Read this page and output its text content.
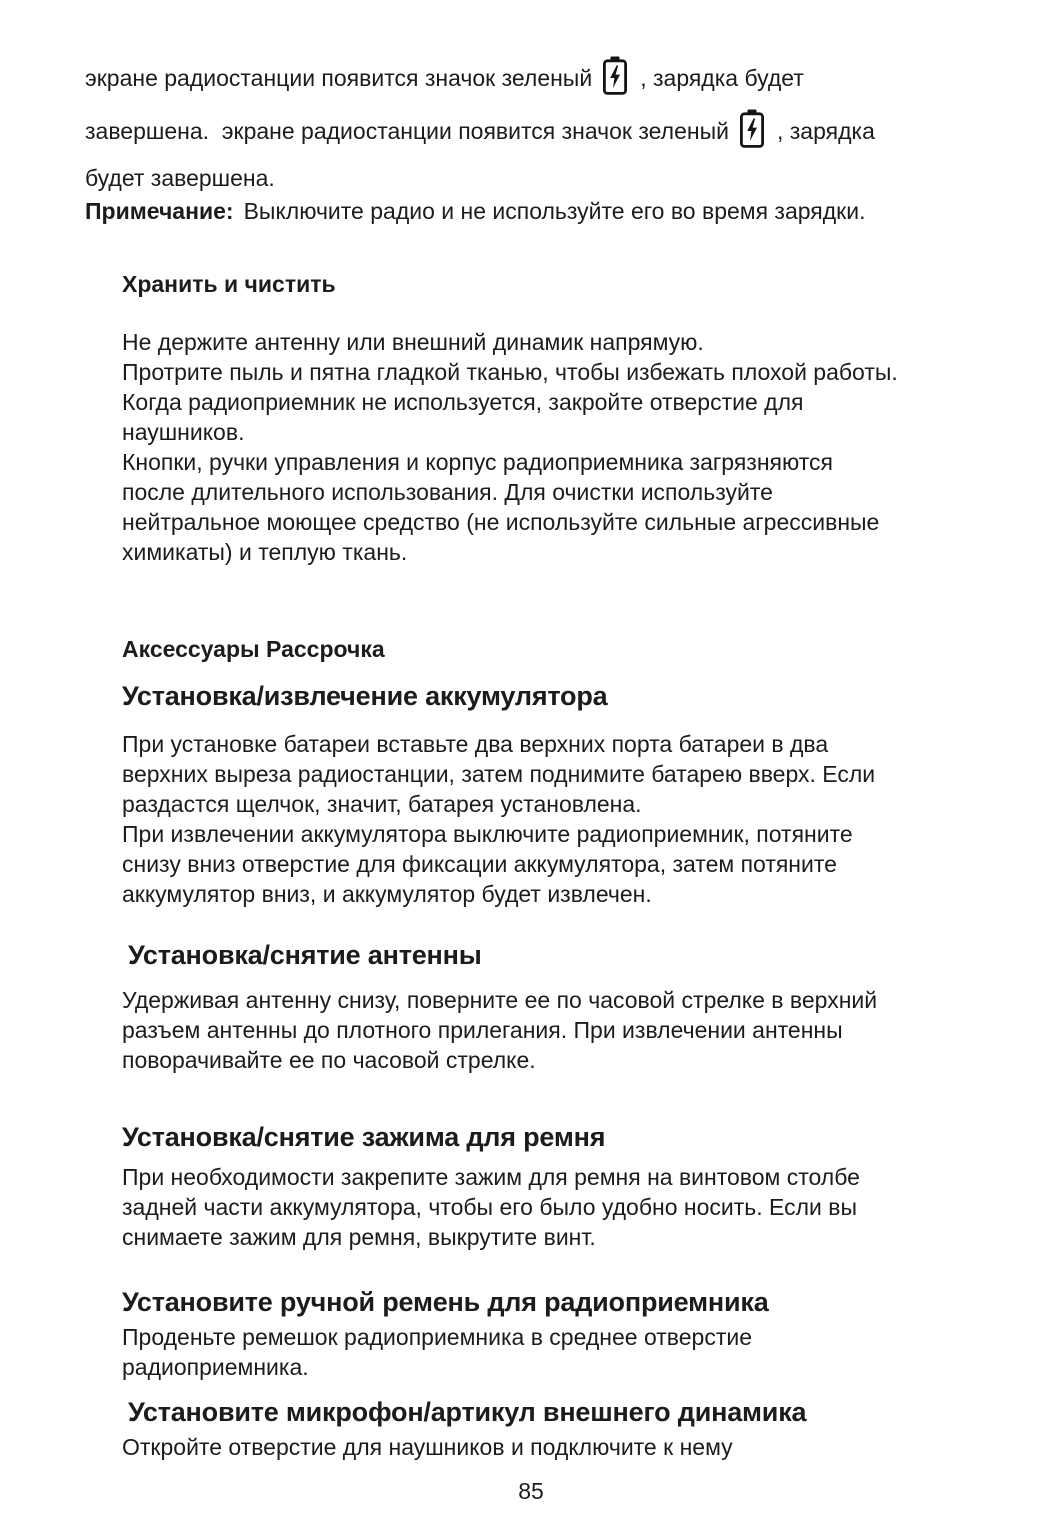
экране радиостанции появится значок зеленый , зарядка будет
завершена.  экране радиостанции появится значок зеленый , зарядка
будет завершена.
Примечание: Выключите радио и не используйте его во время зарядки.
Хранить и чистить
Не держите антенну или внешний динамик напрямую.
Протрите пыль и пятна гладкой тканью, чтобы избежать плохой работы.
Когда радиоприемник не используется, закройте отверстие для
наушников.
Кнопки, ручки управления и корпус радиоприемника загрязняются
после длительного использования. Для очистки используйте
нейтральное моющее средство (не используйте сильные агрессивные
химикаты) и теплую ткань.
Аксессуары Рассрочка
Установка/извлечение аккумулятора
При установке батареи вставьте два верхних порта батареи в два
верхних выреза радиостанции, затем поднимите батарею вверх. Если
раздастся щелчок, значит, батарея установлена.
При извлечении аккумулятора выключите радиоприемник, потяните
снизу вниз отверстие для фиксации аккумулятора, затем потяните
аккумулятор вниз, и аккумулятор будет извлечен.
Установка/снятие антенны
Удерживая антенну снизу, поверните ее по часовой стрелке в верхний
разъем антенны до плотного прилегания. При извлечении антенны
поворачивайте ее по часовой стрелке.
Установка/снятие зажима для ремня
При необходимости закрепите зажим для ремня на винтовом столбе
задней части аккумулятора, чтобы его было удобно носить. Если вы
снимаете зажим для ремня, выкрутите винт.
Установите ручной ремень для радиоприемника
Проденьте ремешок радиоприемника в среднее отверстие
радиоприемника.
Установите микрофон/артикул внешнего динамика
Откройте отверстие для наушников и подключите к нему
85
